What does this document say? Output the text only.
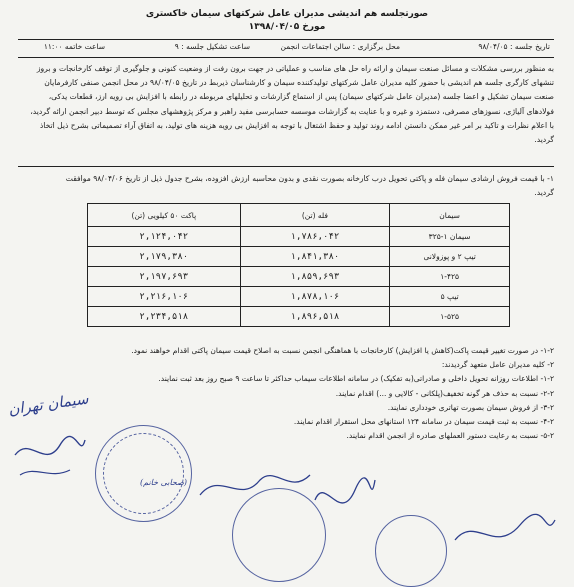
صورتجلسه هم اندیشی مدیران عامل شرکتهای سیمان خاکستری
مورخ ۱۳۹۸/۰۴/۰۵
تاریخ جلسه : ۹۸/۰۴/۰۵
محل برگزاری : سالن اجتماعات انجمن
ساعت تشکیل جلسه : ۹
ساعت خاتمه ۱۱:۰۰
به منظور بررسی مشکلات و مسائل صنعت سیمان و ارائه راه حل های مناسب و عملیاتی در جهت برون رفت از وضعیت کنونی و جلوگیری از توقف کارخانجات و بروز
تنشهای کارگری جلسه هم اندیشی با حضور کلیه مدیران عامل شرکتهای تولیدکننده سیمان و کارشناسان ذیربط در تاریخ ۹۸/۰۴/۰۵ در محل انجمن صنفی کارفرمایان
صنعت سیمان تشکیل و اعضا جلسه (مدیران عامل شرکتهای سیمان) پس از استماع گزارشات و تحلیلهای مربوطه در رابطه با افزایش بی رویه ارز، قطعات یدکی،
فولادهای آلیاژی، نسوزهای مصرفی، دستمزد و غیره و با عنایت به گزارشات موسسه حسابرسی مفید راهبر و مرکز پژوهشهای مجلس که توسط دبیر انجمن ارائه گردید،
با اعلام نظرات و تاکید بر امر غیر ممکن دانستن ادامه روند تولید و حفظ اشتغال با توجه به افزایش بی رویه هزینه های تولید، به اتفاق آراء تصمیماتی بشرح ذیل اتخاذ
گردید.
۱- با قیمت فروش ارشادی سیمان فله و پاکتی تحویل درب کارخانه بصورت نقدی و بدون محاسبه ارزش افزوده، بشرح جدول ذیل از تاریخ ۹۸/۰۴/۰۶ موافقت
گردید.
سیمان	فله (تن)	پاکت ۵۰ کیلویی (تن)
سیمان ۱-۳۲۵	۱,۷۸۶,۰۴۲	۲,۱۲۴,۰۴۲
تیپ ۲ و پوزولانی	۱,۸۴۱,۳۸۰	۲,۱۷۹,۳۸۰
۱-۴۲۵	۱,۸۵۹,۶۹۳	۲,۱۹۷,۶۹۳
تیپ ۵	۱,۸۷۸,۱۰۶	۲,۲۱۶,۱۰۶
۱-۵۲۵	۱,۸۹۶,۵۱۸	۲,۲۳۴,۵۱۸
۱-۲- در صورت تغییر قیمت پاکت(کاهش یا افزایش) کارخانجات با هماهنگی انجمن نسبت به اصلاح قیمت سیمان پاکتی اقدام خواهند نمود.
۲- کلیه مدیران عامل متعهد گردیدند:
۱-۲- اطلاعات روزانه تحویل داخلی و صادراتی(به تفکیک) در سامانه اطلاعات سیماب حداکثر تا ساعت ۹ صبح روز بعد ثبت نمایند.
۲-۲- نسبت به حذف هر گونه تخفیف(پلکانی - کالایی و ...) اقدام نمایند.
۳-۲- از فروش سیمان بصورت تهاتری خودداری نمایند.
۴-۲- نسبت به ثبت قیمت سیمان در سامانه ۱۲۴ استانهای محل استقرار اقدام نمایند.
۵-۲- نسبت به رعایت دستور العملهای صادره از انجمن اقدام نمایند.
سیمان تهران
(صحابی خانم)
